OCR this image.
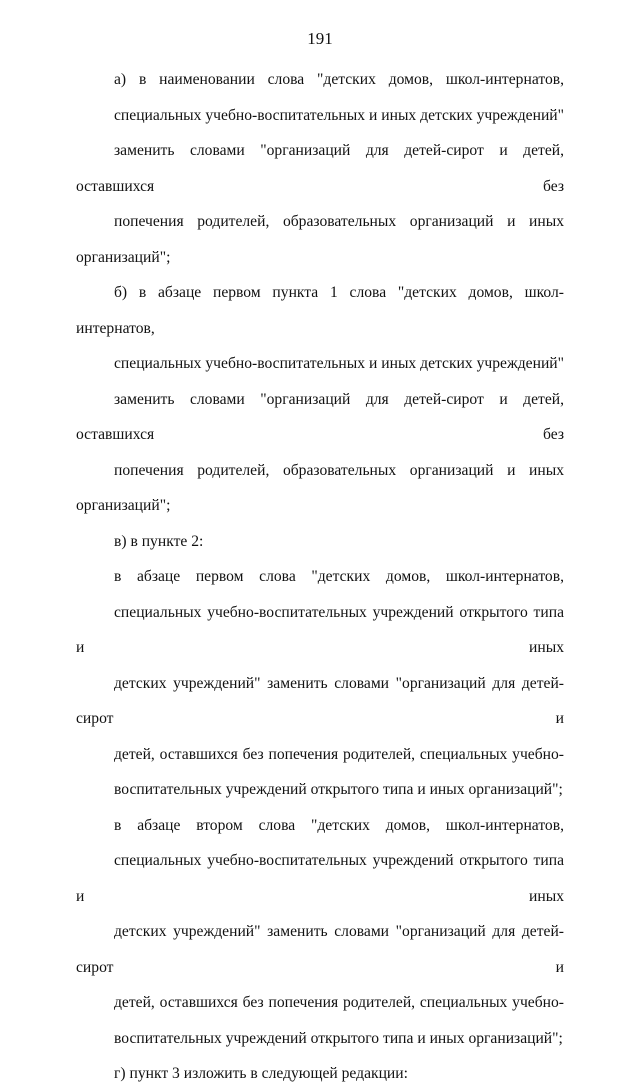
191

а) в наименовании слова "детских домов, школ-интернатов,
специальных учебно-воспитательных и иных детских учреждений"
заменить словами "организаций для детей-сирот и детей, оставшихся без
попечения родителей, образовательных организаций и иных организаций";

б) в абзаце первом пункта 1 слова "детских домов, школ-интернатов,
специальных учебно-воспитательных и иных детских учреждений"
заменить словами "организаций для детей-сирот и детей, оставшихся без
попечения родителей, образовательных организаций и иных организаций";

в) в пункте 2:

в абзаце первом слова "детских домов, школ-интернатов,
специальных учебно-воспитательных учреждений открытого типа и иных
детских учреждений" заменить словами "организаций для детей-сирот и
детей, оставшихся без попечения родителей, специальных учебно-
воспитательных учреждений открытого типа и иных организаций";

в абзаце втором слова "детских домов, школ-интернатов,
специальных учебно-воспитательных учреждений открытого типа и иных
детских учреждений" заменить словами "организаций для детей-сирот и
детей, оставшихся без попечения родителей, специальных учебно-
воспитательных учреждений открытого типа и иных организаций";

г) пункт 3 изложить в следующей редакции:
